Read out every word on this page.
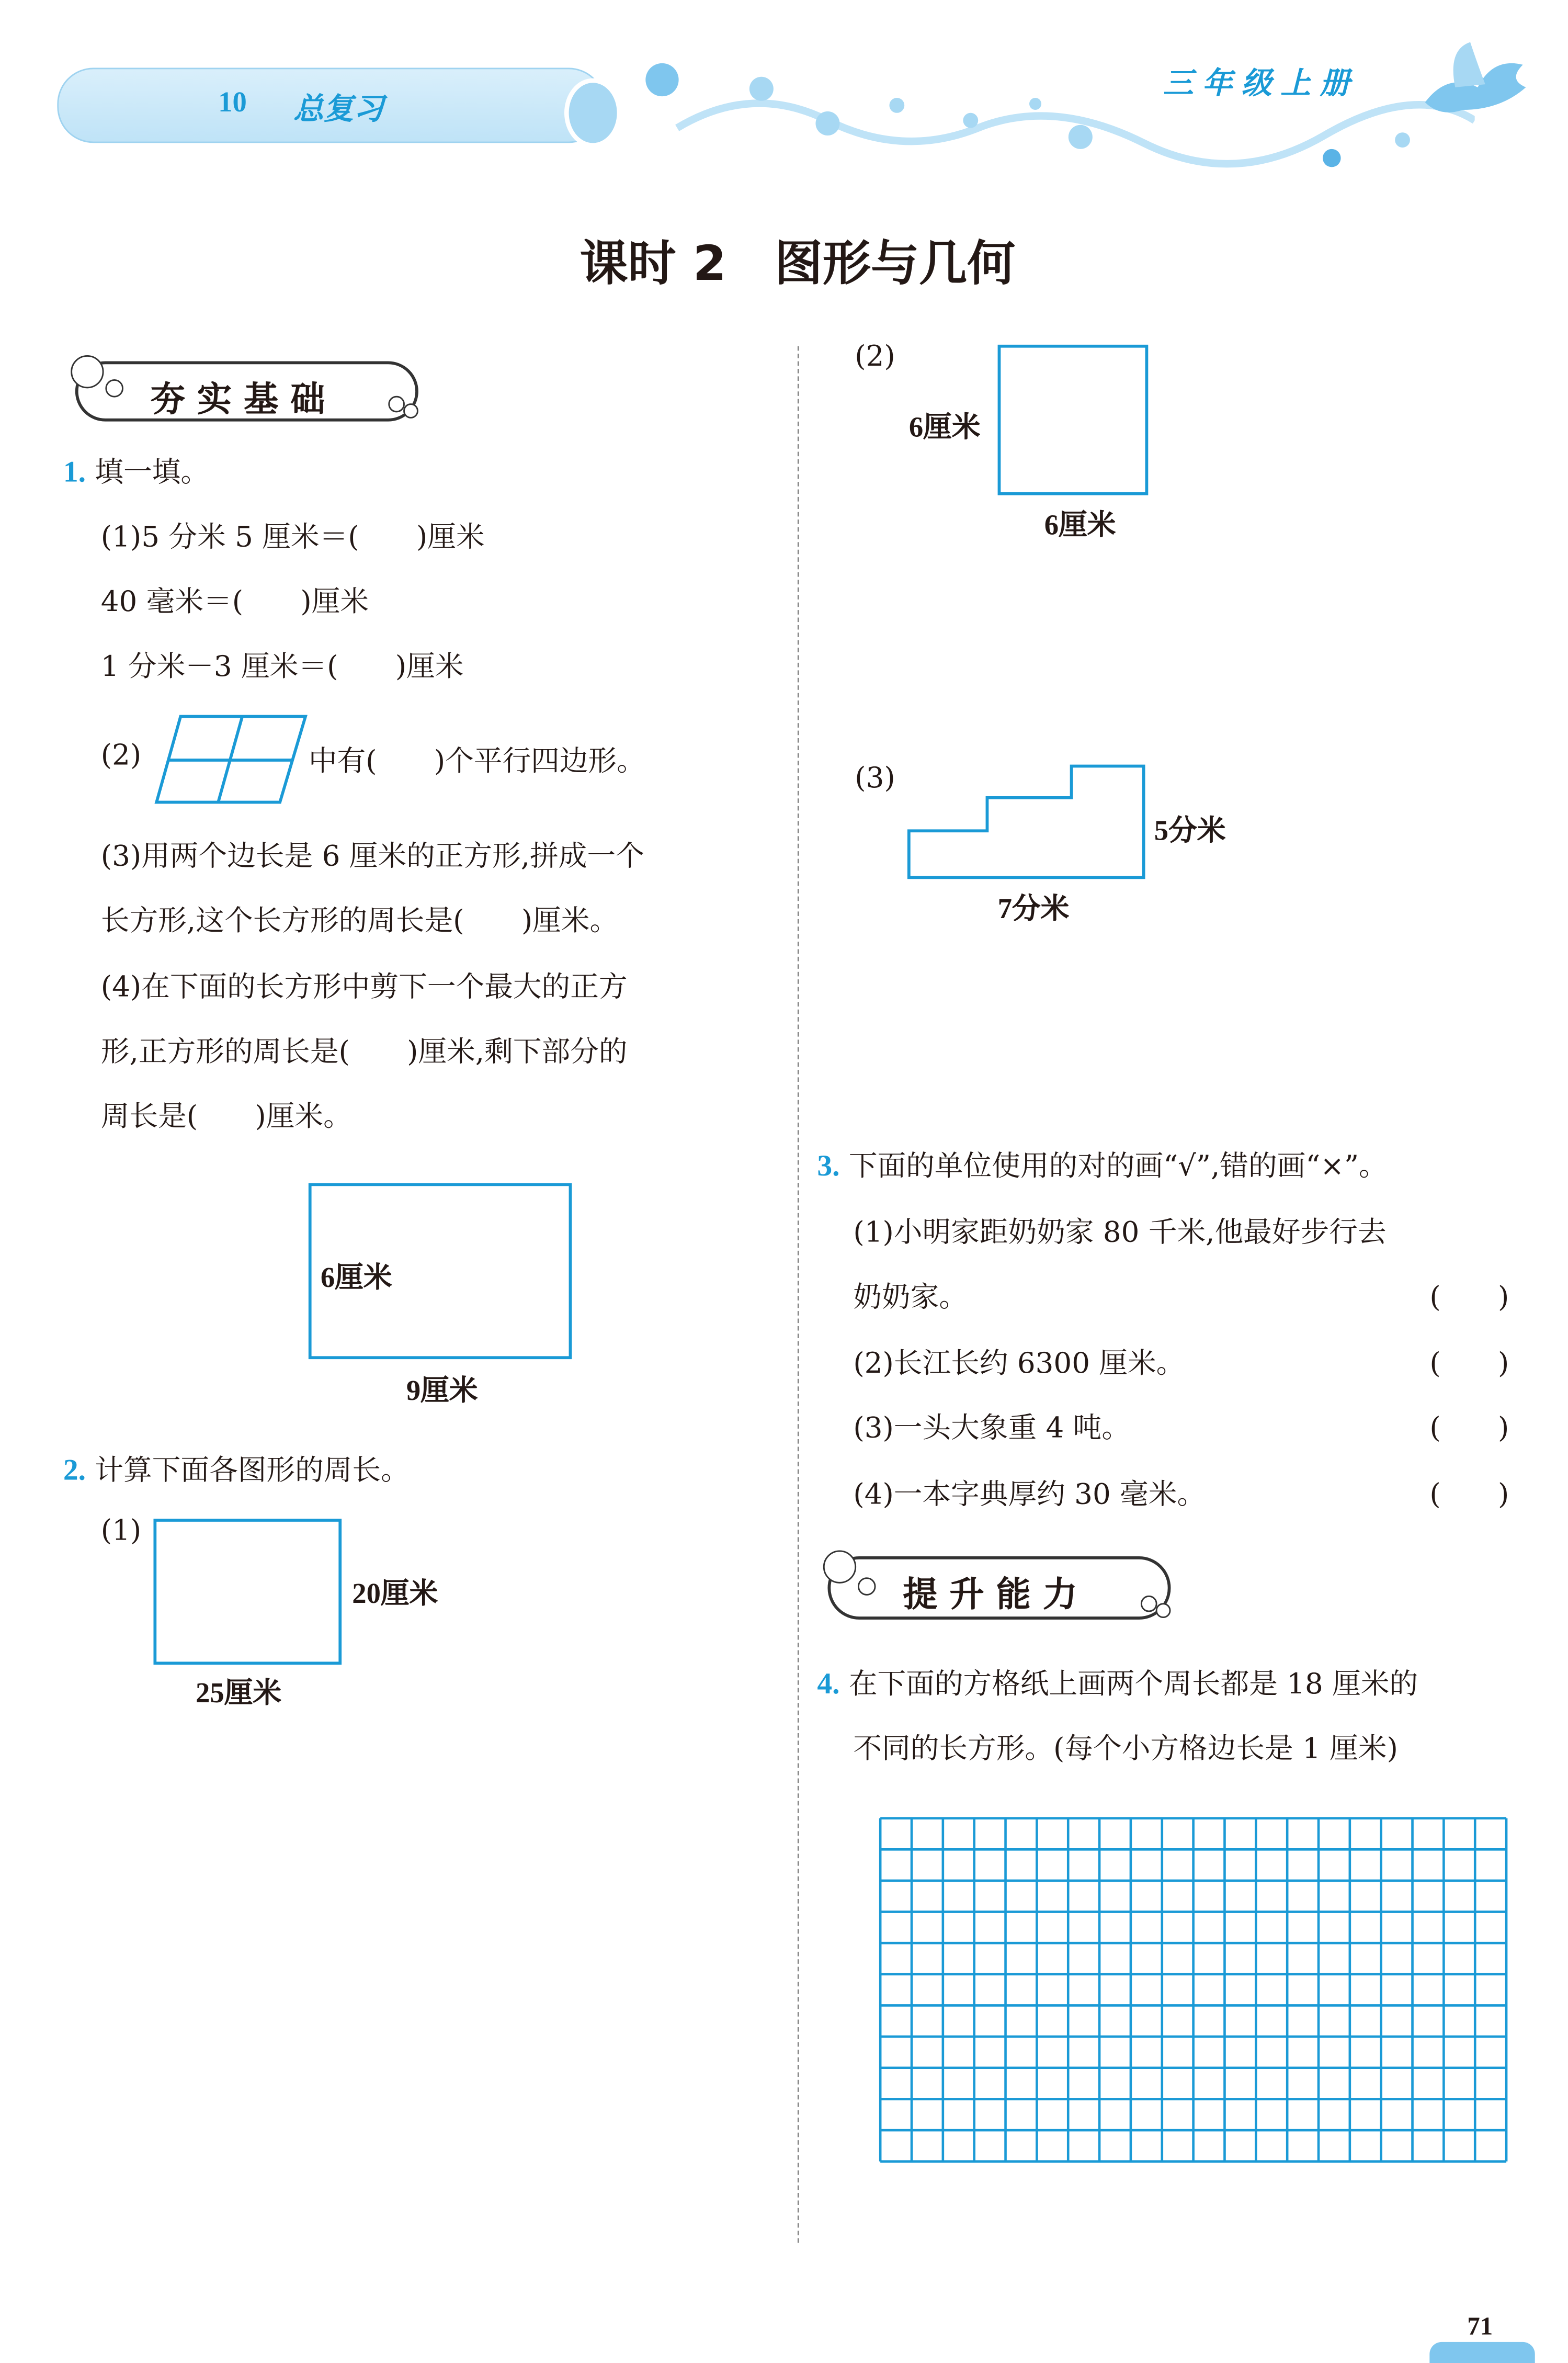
10	总复习
三年级上册
课时 2　图形与几何
夯实基础
1. 填一填。
(1)5 分米 5 厘米＝(　　)厘米
40 毫米＝(　　)厘米
1 分米－3 厘米＝(　　)厘米
(2)	中有(　　)个平行四边形。
(3)用两个边长是 6 厘米的正方形,拼成一个
长方形,这个长方形的周长是(　　)厘米。
(4)在下面的长方形中剪下一个最大的正方
形,正方形的周长是(　　)厘米,剩下部分的
周长是(　　)厘米。
6厘米
9厘米
2. 计算下面各图形的周长。
(1)
20厘米
25厘米
(2)
6厘米
6厘米
(3)
5分米
7分米
3. 下面的单位使用的对的画“√”,错的画“×”。
(1)小明家距奶奶家 80 千米,他最好步行去
奶奶家。	(　　)
(2)长江长约 6300 厘米。	(　　)
(3)一头大象重 4 吨。	(　　)
(4)一本字典厚约 30 毫米。	(　　)
提升能力
4. 在下面的方格纸上画两个周长都是 18 厘米的
不同的长方形。(每个小方格边长是 1 厘米)
71
